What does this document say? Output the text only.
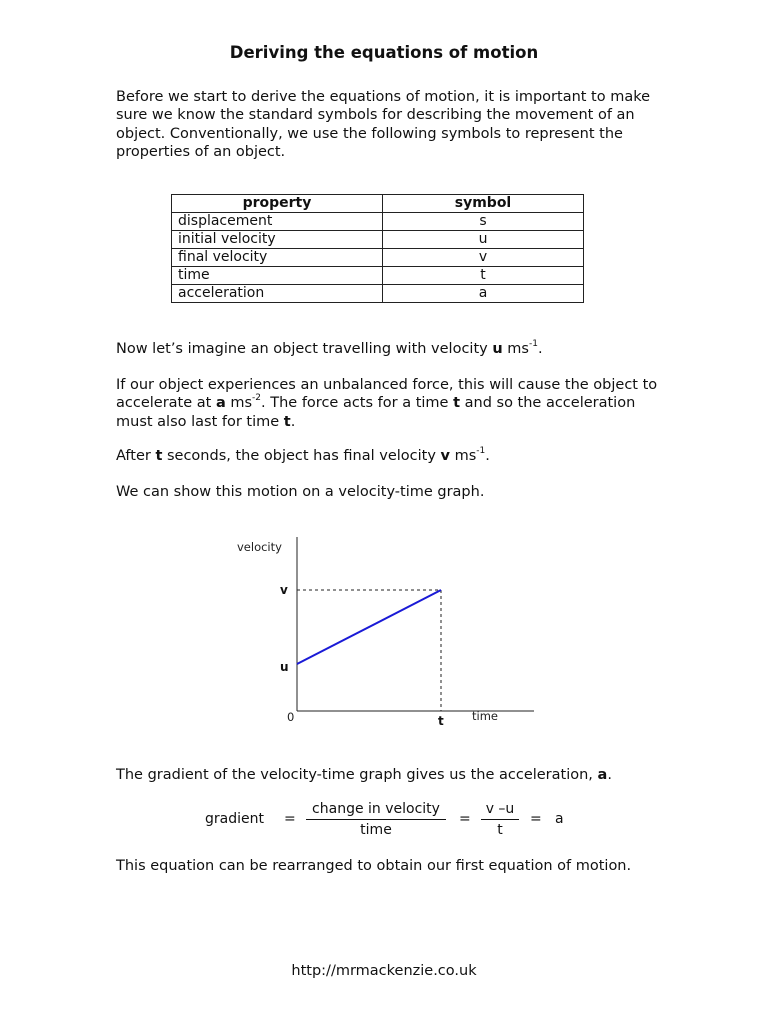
Deriving the equations of motion
Before we start to derive the equations of motion, it is important to make sure we know the standard symbols for describing the movement of an object. Conventionally, we use the following symbols to represent the properties of an object.
property	symbol
displacement	s
initial velocity	u
final velocity	v
time	t
acceleration	a
Now let’s imagine an object travelling with velocity u $ms^{-1}$.
If our object experiences an unbalanced force, this will cause the object to accelerate at a $ms^{-2}$. The force acts for a time t and so the acceleration must also last for time t.
After t seconds, the object has final velocity v $ms^{-1}$.
We can show this motion on a velocity-time graph.
velocity
time
0
u
v
t
The gradient of the velocity-time graph gives us the acceleration, a.
gradient =
change in velocity
time
= $\frac{v -u}{t} = a$
This equation can be rearranged to obtain our first equation of motion.
http://mrmackenzie.co.uk
